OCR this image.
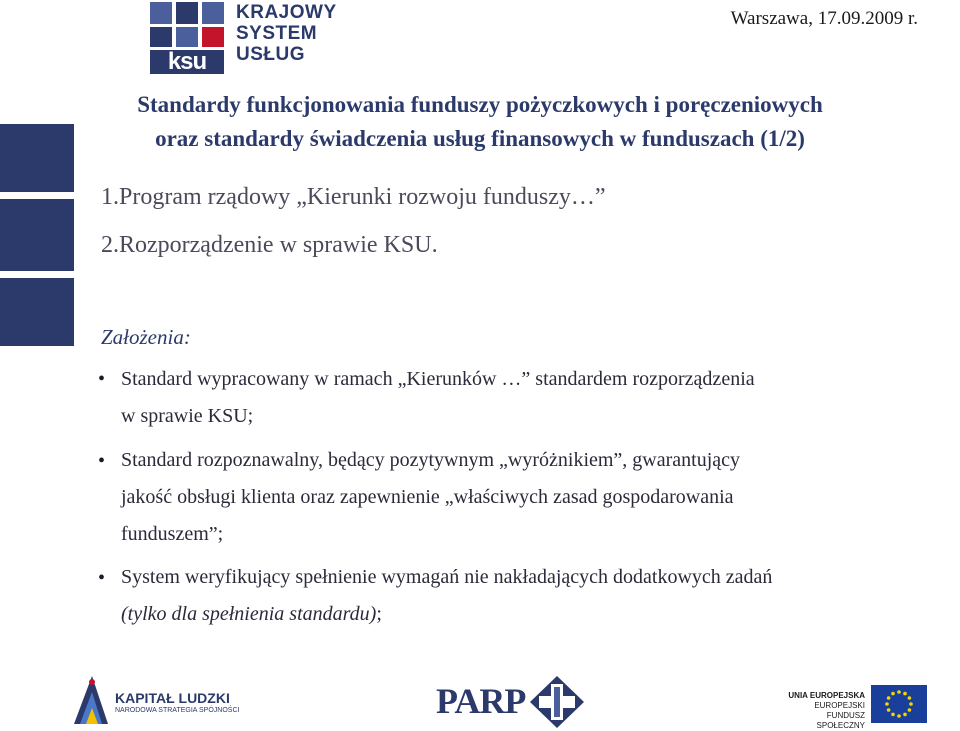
ksu
KRAJOWY
SYSTEM
USŁUG
Warszawa, 17.09.2009 r.
Standardy funkcjonowania funduszy pożyczkowych i poręczeniowych
oraz standardy świadczenia usług finansowych w funduszach (1/2)
1.Program rządowy „Kierunki rozwoju funduszy…”
2.Rozporządzenie w sprawie KSU.
Założenia:
• Standard wypracowany w ramach „Kierunków …” standardem rozporządzenia
w sprawie KSU;
• Standard rozpoznawalny, będący pozytywnym „wyróżnikiem”, gwarantujący
jakość obsługi klienta oraz zapewnienie „właściwych zasad gospodarowania
funduszem”;
• System weryfikujący spełnienie wymagań nie nakładających dodatkowych zadań
(tylko dla spełnienia standardu);
KAPITAŁ LUDZKI
NARODOWA STRATEGIA SPÓJNOŚCI	PARP	UNIA EUROPEJSKA
EUROPEJSKI
FUNDUSZ SPOŁECZNY
